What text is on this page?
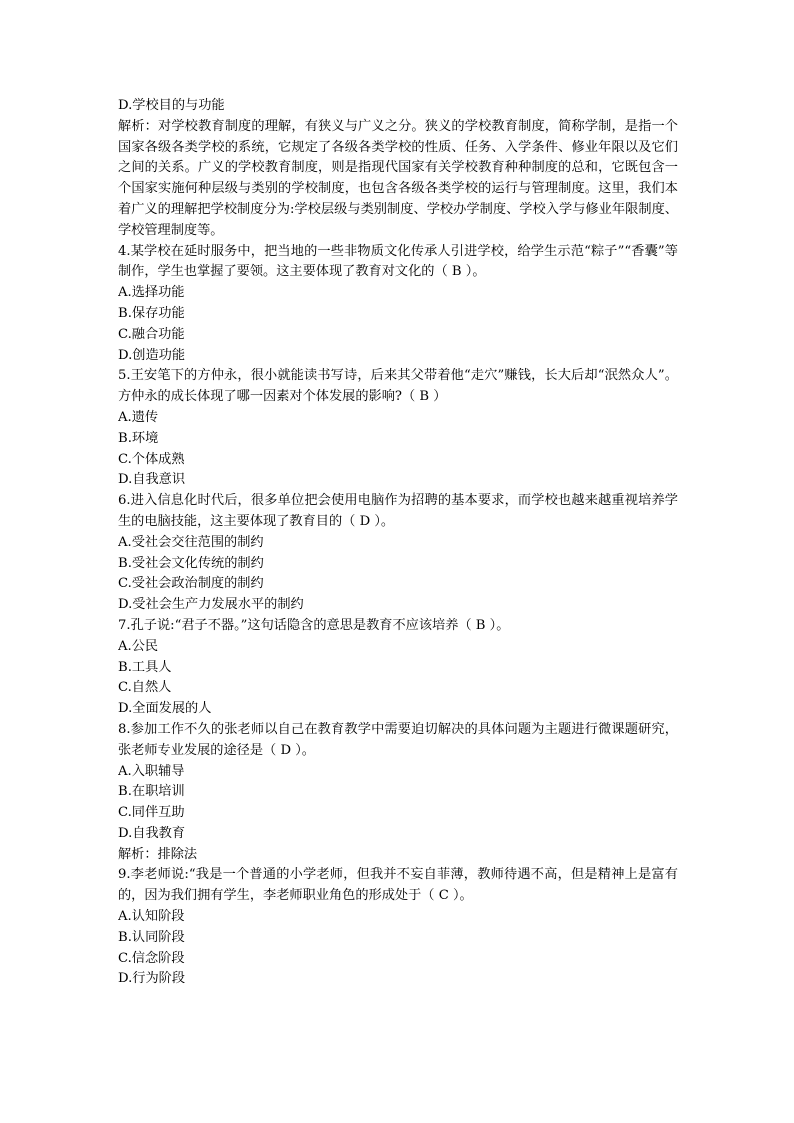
D.学校目的与功能
解析：对学校教育制度的理解，有狭义与广义之分。狭义的学校教育制度，简称学制，是指一个国家各级各类学校的系统，它规定了各级各类学校的性质、任务、入学条件、修业年限以及它们之间的关系。广义的学校教育制度，则是指现代国家有关学校教育种种制度的总和，它既包含一个国家实施何种层级与类别的学校制度，也包含各级各类学校的运行与管理制度。这里，我们本着广义的理解把学校制度分为:学校层级与类别制度、学校办学制度、学校入学与修业年限制度、学校管理制度等。
4.某学校在延时服务中，把当地的一些非物质文化传承人引进学校，给学生示范“粽子”“香囊”等制作，学生也掌握了要领。这主要体现了教育对文化的（ B ）。
A.选择功能
B.保存功能
C.融合功能
D.创造功能
5.王安笔下的方仲永，很小就能读书写诗，后来其父带着他“走穴”赚钱，长大后却“泯然众人”。方仲永的成长体现了哪一因素对个体发展的影响?（ B ）
A.遗传
B.环境
C.个体成熟
D.自我意识
6.进入信息化时代后，很多单位把会使用电脑作为招聘的基本要求，而学校也越来越重视培养学生的电脑技能，这主要体现了教育目的（ D ）。
A.受社会交往范围的制约
B.受社会文化传统的制约
C.受社会政治制度的制约
D.受社会生产力发展水平的制约
7.孔子说:“君子不器。”这句话隐含的意思是教育不应该培养（ B ）。
A.公民
B.工具人
C.自然人
D.全面发展的人
8.参加工作不久的张老师以自己在教育教学中需要迫切解决的具体问题为主题进行微课题研究，张老师专业发展的途径是（ D ）。
A.入职辅导
B.在职培训
C.同伴互助
D.自我教育
解析：排除法
9.李老师说:“我是一个普通的小学老师，但我并不妄自菲薄，教师待遇不高，但是精神上是富有的，因为我们拥有学生，李老师职业角色的形成处于（ C ）。
A.认知阶段
B.认同阶段
C.信念阶段
D.行为阶段
